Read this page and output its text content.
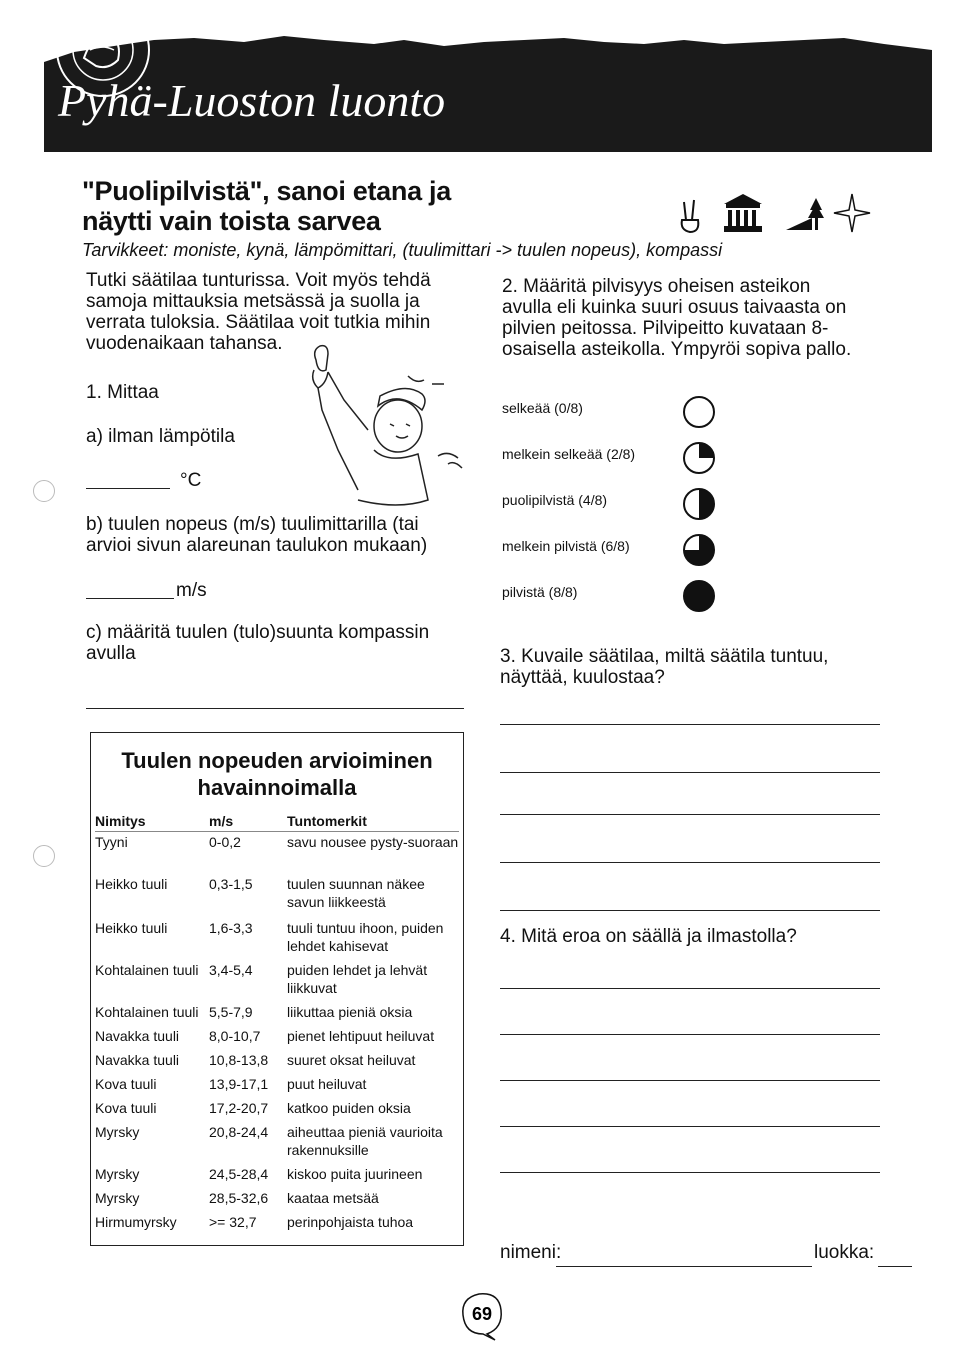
Pyhä-Luoston luonto
PYHÄ-LUOSTO
"Puolipilvistä", sanoi etana ja näytti vain toista sarvea
Tarvikkeet: moniste, kynä, lämpömittari, (tuulimittari -> tuulen nopeus), kompassi
Tutki säätilaa tunturissa. Voit myös tehdä samoja mittauksia metsässä ja suolla ja verrata tuloksia. Säätilaa voit tutkia mihin vuodenaikaan tahansa.
1. Mittaa
a) ilman lämpötila
°C
b) tuulen nopeus (m/s) tuulimittarilla (tai arvioi sivun alareunan taulukon mukaan)
m/s
c) määritä tuulen (tulo)suunta kompassin avulla
2. Määritä pilvisyys oheisen asteikon avulla eli kuinka suuri osuus taivaasta on pilvien peitossa. Pilvipeitto kuvataan 8-osaisella asteikolla. Ympyröi sopiva pallo.
selkeää (0/8)
melkein selkeää (2/8)
puolipilvistä (4/8)
melkein pilvistä (6/8)
pilvistä (8/8)
3. Kuvaile säätilaa, miltä säätila tuntuu, näyttää, kuulostaa?
4. Mitä eroa on säällä ja ilmastolla?
Tuulen nopeuden arvioiminen havainnoimalla
Nimitys	m/s	Tuntomerkit
Tyyni	0-0,2	savu nousee pysty-suoraan
Heikko tuuli	0,3-1,5	tuulen suunnan näkee savun liikkeestä
Heikko tuuli	1,6-3,3	tuuli tuntuu ihoon, puiden lehdet kahisevat
Kohtalainen tuuli 3,4-5,4	puiden lehdet ja lehvät liikkuvat
Kohtalainen tuuli 5,5-7,9	liikuttaa pieniä oksia
Navakka tuuli	8,0-10,7	pienet lehtipuut heiluvat
Navakka tuuli	10,8-13,8	suuret oksat heiluvat
Kova tuuli	13,9-17,1	puut heiluvat
Kova tuuli	17,2-20,7	katkoo puiden oksia
Myrsky	20,8-24,4	aiheuttaa pieniä vaurioita rakennuksille
Myrsky	24,5-28,4	kiskoo puita juurineen
Myrsky	28,5-32,6	kaataa metsää
Hirmumyrsky	>= 32,7	perinpohjaista tuhoa
nimeni:	luokka:
69
